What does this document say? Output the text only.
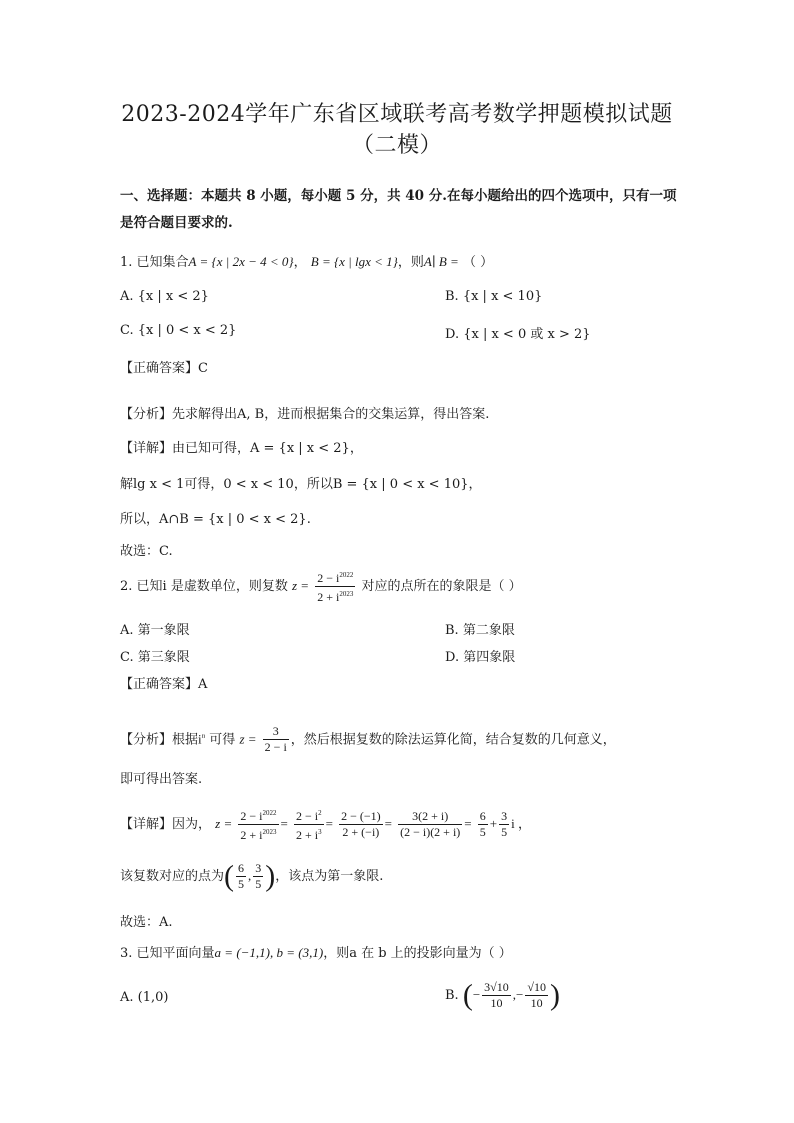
2023-2024学年广东省区域联考高考数学押题模拟试题
（二模）
一、选择题：本题共 8 小题，每小题 5 分，共 40 分.在每小题给出的四个选项中，只有一项是符合题目要求的.
1. 已知集合A = {x | 2x − 4 < 0}， B = {x | lgx < 1}，则A∣ B = （ ）
A. {x | x < 2}	B. {x | x < 10}
C. {x | 0 < x < 2}	D. {x | x < 0 或 x > 2}
【正确答案】C
【分析】先求解得出A, B，进而根据集合的交集运算，得出答案.
【详解】由已知可得，A = {x | x < 2}，
解lg x < 1可得，0 < x < 10，所以B = {x | 0 < x < 10}，
所以，A∩B = {x | 0 < x < 2}.
故选：C.
2. 已知i 是虚数单位，则复数 $z = \frac{2 - i^{2022}}{2 + i^{2023}}$ 对应的点所在的象限是（ ）
A. 第一象限	B. 第二象限
C. 第三象限	D. 第四象限
【正确答案】A
【分析】根据$i^n$ 可得 $z = \frac{3}{2 - i}$ ，然后根据复数的除法运算化简，结合复数的几何意义，
即可得出答案.
【详解】因为， $z = \frac{2 - i^{2022}}{2 + i^{2023}} = \frac{2 - i^2}{2 + i^3} = \frac{2 - (-1)}{2 + (-i)} = \frac{3(2 + i)}{(2 - i)(2 + i)} = \frac{6}{5} + \frac{3}{5}$ i ，
该复数对应的点为( $\frac{6}{5}$ , $\frac{3}{5}$ )，该点为第一象限.
故选：A.
3. 已知平面向量a = (−1,1), b = (3,1)，则a 在 b 上的投影向量为（ ）
A. (1,0)	B. (− $\frac{3√10}{10}$ ,− $\frac{√10}{10}$ )
